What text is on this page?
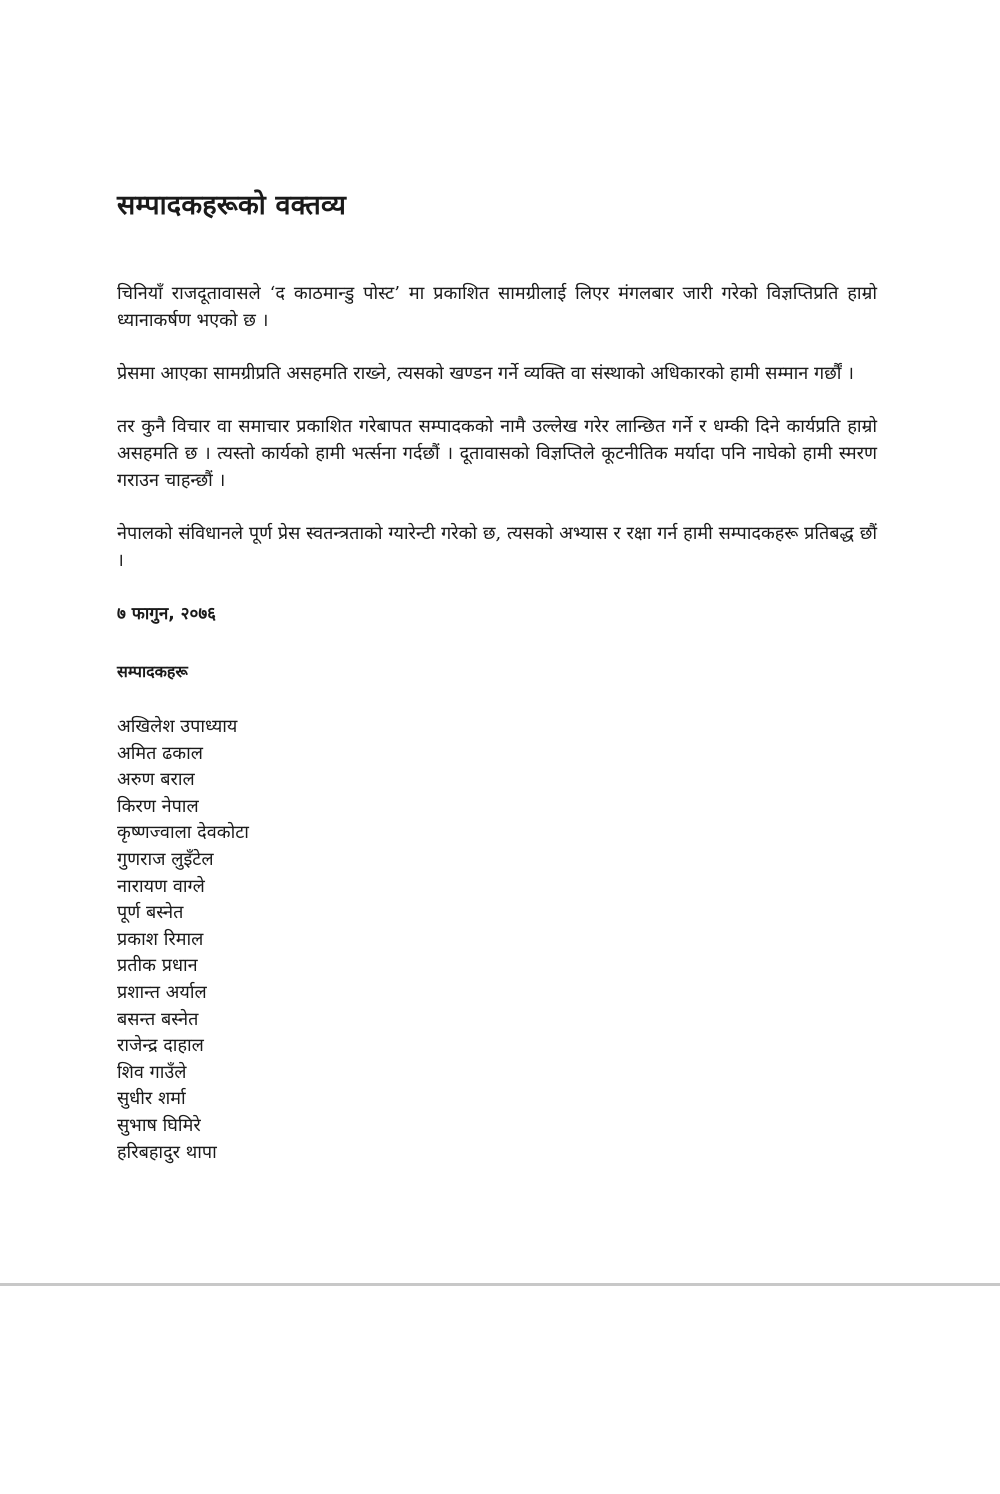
सम्पादकहरूको वक्तव्य

चिनियाँ राजदूतावासले ‘द काठमान्डु पोस्ट’ मा प्रकाशित सामग्रीलाई लिएर मंगलबार जारी गरेको विज्ञप्तिप्रति हाम्रो ध्यानाकर्षण भएको छ ।

प्रेसमा आएका सामग्रीप्रति असहमति राख्ने, त्यसको खण्डन गर्ने व्यक्ति वा संस्थाको अधिकारको हामी सम्मान गर्छौं ।

तर कुनै विचार वा समाचार प्रकाशित गरेबापत सम्पादकको नामै उल्लेख गरेर लान्छित गर्ने र धम्की दिने कार्यप्रति हाम्रो असहमति छ । त्यस्तो कार्यको हामी भर्त्सना गर्दछौं । दूतावासको विज्ञप्तिले कूटनीतिक मर्यादा पनि नाघेको हामी स्मरण गराउन चाहन्छौं ।

नेपालको संविधानले पूर्ण प्रेस स्वतन्त्रताको ग्यारेन्टी गरेको छ, त्यसको अभ्यास र रक्षा गर्न हामी सम्पादकहरू प्रतिबद्ध छौं ।

७ फागुन, २०७६

सम्पादकहरू

अखिलेश उपाध्याय
अमित ढकाल
अरुण बराल
किरण नेपाल
कृष्णज्वाला देवकोटा
गुणराज लुइँटेल
नारायण वाग्ले
पूर्ण बस्नेत
प्रकाश रिमाल
प्रतीक प्रधान
प्रशान्त अर्याल
बसन्त बस्नेत
राजेन्द्र दाहाल
शिव गाउँले
सुधीर शर्मा
सुभाष घिमिरे
हरिबहादुर थापा
